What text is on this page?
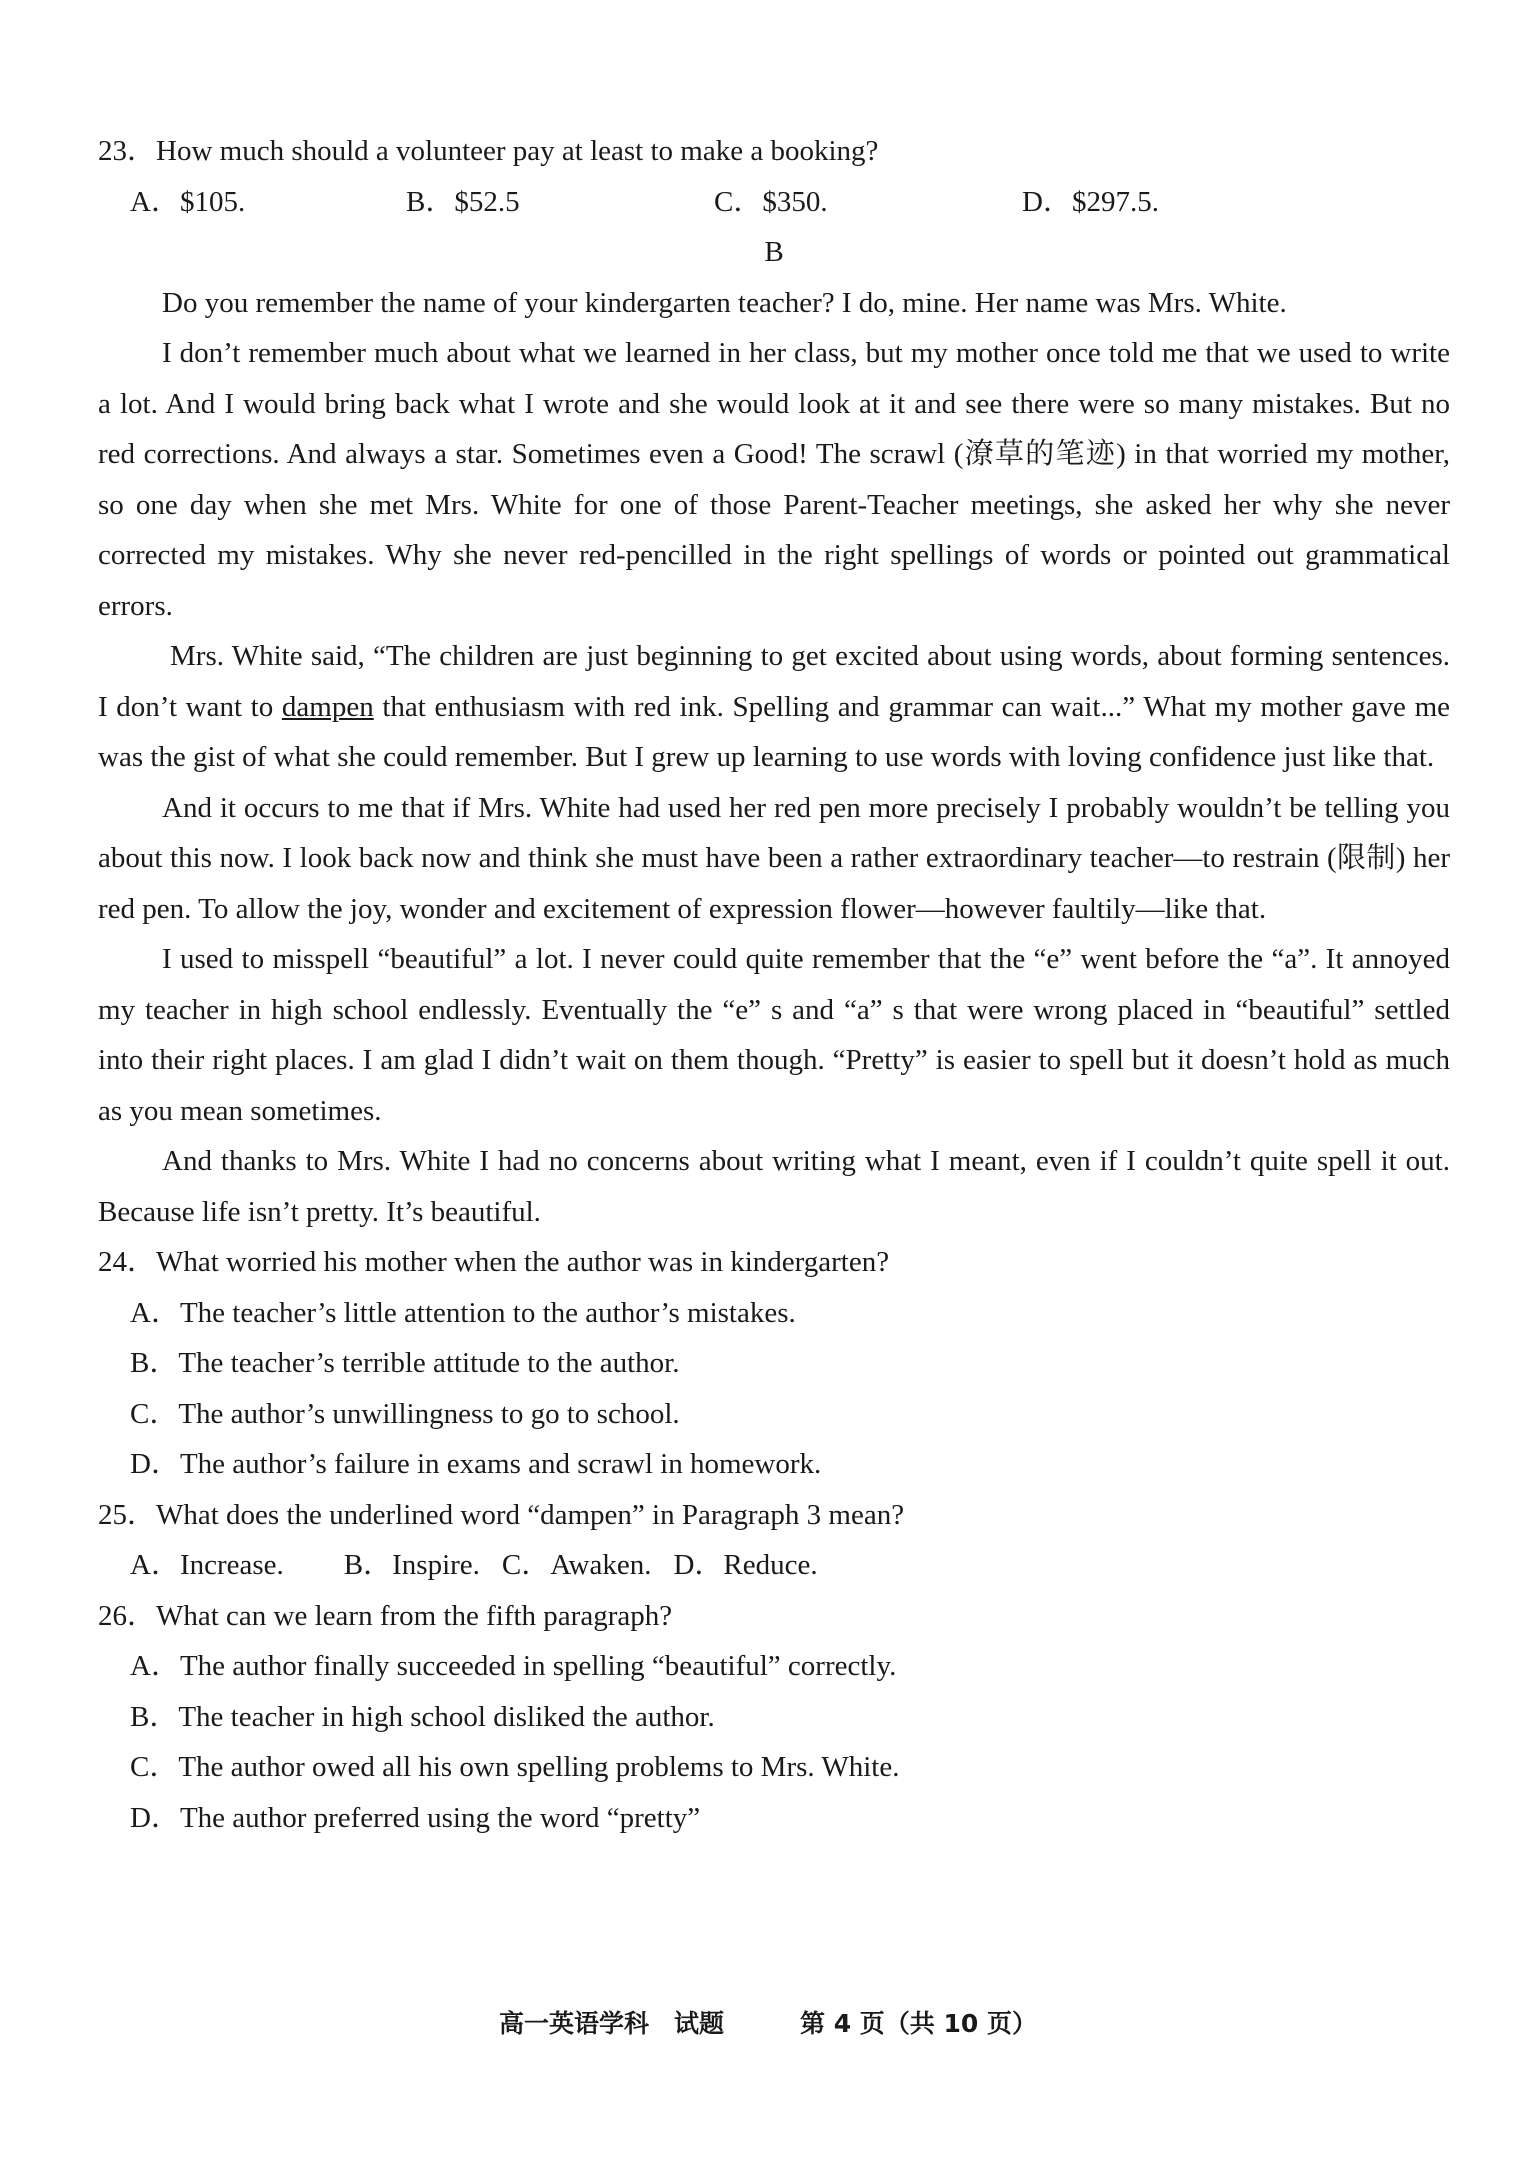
23．How much should a volunteer pay at least to make a booking?

A．$105.	B．$52.5	C．$350.	D．$297.5.

B

Do you remember the name of your kindergarten teacher? I do, mine. Her name was Mrs. White.

I don’t remember much about what we learned in her class, but my mother once told me that we used to write a lot. And I would bring back what I wrote and she would look at it and see there were so many mistakes. But no red corrections. And always a star. Sometimes even a Good! The scrawl (潦草的笔迹) in that worried my mother, so one day when she met Mrs. White for one of those Parent-Teacher meetings, she asked her why she never corrected my mistakes. Why she never red-pencilled in the right spellings of words or pointed out grammatical errors.

Mrs. White said, “The children are just beginning to get excited about using words, about forming sentences. I don’t want to dampen that enthusiasm with red ink. Spelling and grammar can wait...” What my mother gave me was the gist of what she could remember. But I grew up learning to use words with loving confidence just like that.

And it occurs to me that if Mrs. White had used her red pen more precisely I probably wouldn’t be telling you about this now. I look back now and think she must have been a rather extraordinary teacher—to restrain (限制) her red pen. To allow the joy, wonder and excitement of expression flower—however faultily—like that.

I used to misspell “beautiful” a lot. I never could quite remember that the “e” went before the “a”. It annoyed my teacher in high school endlessly. Eventually the “e” s and “a” s that were wrong placed in “beautiful” settled into their right places. I am glad I didn’t wait on them though. “Pretty” is easier to spell but it doesn’t hold as much as you mean sometimes.

And thanks to Mrs. White I had no concerns about writing what I meant, even if I couldn’t quite spell it out. Because life isn’t pretty. It’s beautiful.

24．What worried his mother when the author was in kindergarten?

A．The teacher’s little attention to the author’s mistakes.

B．The teacher’s terrible attitude to the author.

C．The author’s unwillingness to go to school.

D．The author’s failure in exams and scrawl in homework.

25．What does the underlined word “dampen” in Paragraph 3 mean?

A．Increase. B．Inspire. C．Awaken. D．Reduce.

26．What can we learn from the fifth paragraph?

A．The author finally succeeded in spelling “beautiful” correctly.

B．The teacher in high school disliked the author.

C．The author owed all his own spelling problems to Mrs. White.

D．The author preferred using the word “pretty”

高一英语学科　试题	第 4 页（共 10 页）
